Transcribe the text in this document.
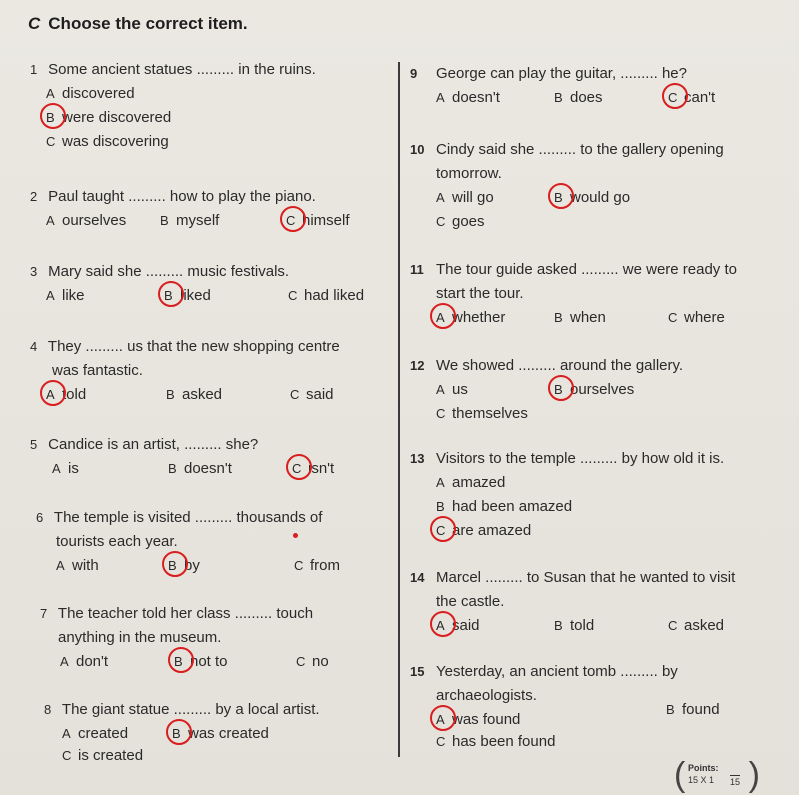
C Choose the correct item.
1 Some ancient statues ......... in the ruins.
A discovered
B were discovered
C was discovering
2 Paul taught ......... how to play the piano.
A ourselves	B myself	C himself
3 Mary said she ......... music festivals.
A like	B liked	C had liked
4 They ......... us that the new shopping centre
was fantastic.
A told	B asked	C said
5 Candice is an artist, ......... she?
A is	B doesn't	C isn't
6 The temple is visited ......... thousands of
tourists each year.
A with	B by	C from
7 The teacher told her class ......... touch
anything in the museum.
A don't	B not to	C no
8 The giant statue ......... by a local artist.
A created	B was created
C is created
9 George can play the guitar, ......... he?
A doesn't	B does	C can't
10 Cindy said she ......... to the gallery opening
tomorrow.
A will go	B would go
C goes
11 The tour guide asked ......... we were ready to
start the tour.
A whether	B when	C where
12 We showed ......... around the gallery.
A us	B ourselves
C themselves
13 Visitors to the temple ......... by how old it is.
A amazed
B had been amazed
C are amazed
14 Marcel ......... to Susan that he wanted to visit
the castle.
A said	B told	C asked
15 Yesterday, an ancient tomb ......... by
archaeologists.
A was found
B found
C has been found
( Points:
15 X 1 15 )
